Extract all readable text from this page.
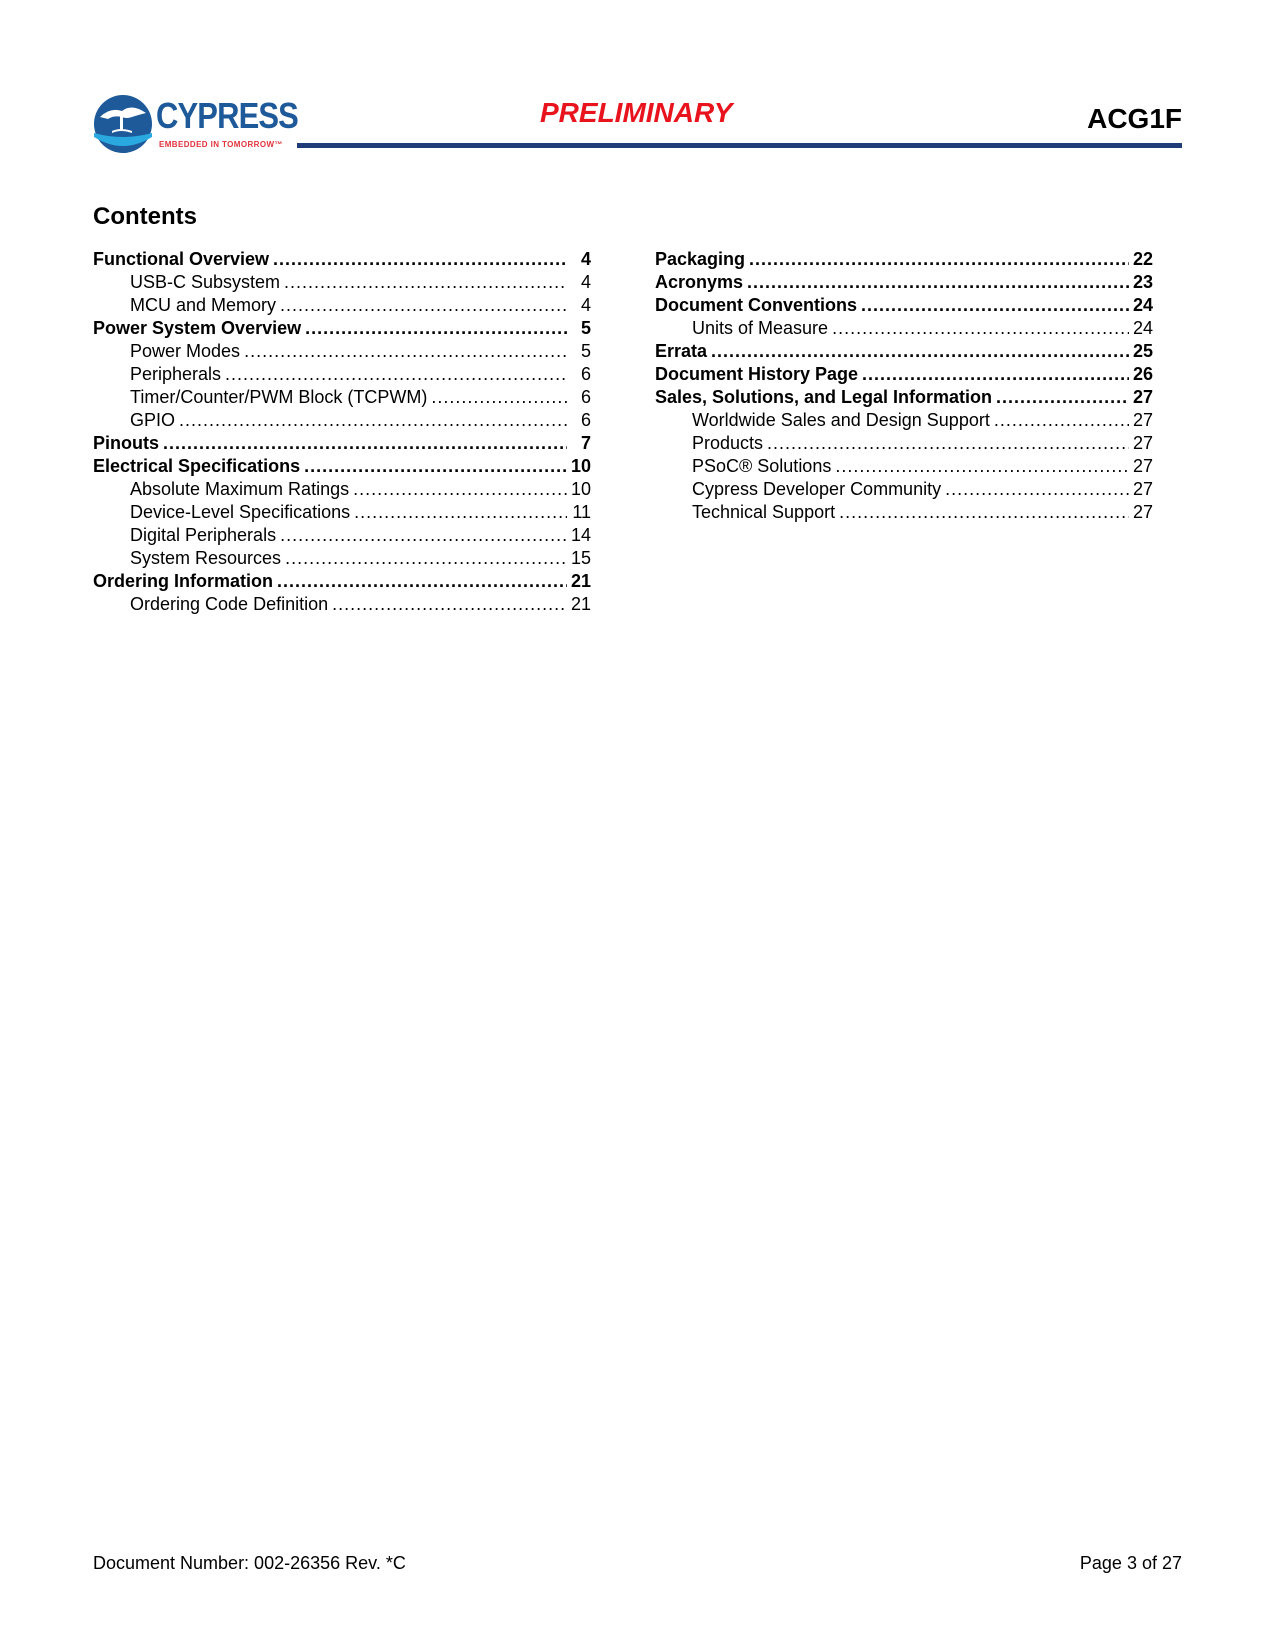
CYPRESS
EMBEDDED IN TOMORROW™
PRELIMINARY	ACG1F
Contents
Functional Overview .....	4
USB-C Subsystem .....	4
MCU and Memory .....	4
Power System Overview .....	5
Power Modes .....	5
Peripherals .....	6
Timer/Counter/PWM Block (TCPWM) .....	6
GPIO .....	6
Pinouts .....	7
Electrical Specifications .....	10
Absolute Maximum Ratings .....	10
Device-Level Specifications .....	11
Digital Peripherals .....	14
System Resources .....	15
Ordering Information .....	21
Ordering Code Definition .....	21
Packaging .....	22
Acronyms .....	23
Document Conventions .....	24
Units of Measure .....	24
Errata .....	25
Document History Page .....	26
Sales, Solutions, and Legal Information .....	27
Worldwide Sales and Design Support .....	27
Products .....	27
PSoC® Solutions .....	27
Cypress Developer Community .....	27
Technical Support .....	27
Document Number: 002-26356 Rev. *C	Page 3 of 27
